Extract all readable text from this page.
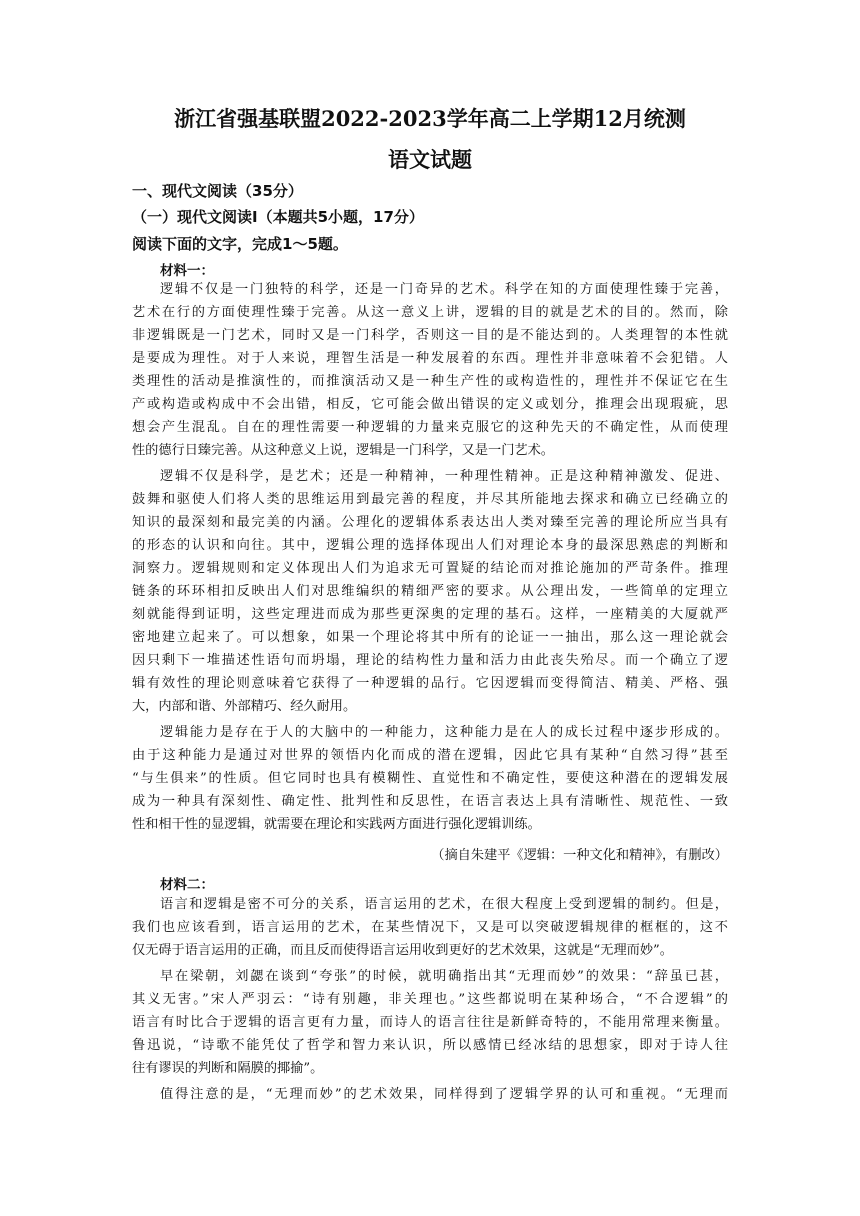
浙江省强基联盟2022-2023学年高二上学期12月统测
语文试题
一、现代文阅读（35分）
（一）现代文阅读Ⅰ（本题共5小题，17分）
阅读下面的文字，完成1～5题。
材料一：
逻辑不仅是一门独特的科学，还是一门奇异的艺术。科学在知的方面使理性臻于完善，
艺术在行的方面使理性臻于完善。从这一意义上讲，逻辑的目的就是艺术的目的。然而，除
非逻辑既是一门艺术，同时又是一门科学，否则这一目的是不能达到的。人类理智的本性就
是要成为理性。对于人来说，理智生活是一种发展着的东西。理性并非意味着不会犯错。人
类理性的活动是推演性的，而推演活动又是一种生产性的或构造性的，理性并不保证它在生
产或构造或构成中不会出错，相反，它可能会做出错误的定义或划分，推理会出现瑕疵，思
想会产生混乱。自在的理性需要一种逻辑的力量来克服它的这种先天的不确定性，从而使理
性的德行日臻完善。从这种意义上说，逻辑是一门科学，又是一门艺术。
逻辑不仅是科学，是艺术；还是一种精神，一种理性精神。正是这种精神激发、促进、
鼓舞和驱使人们将人类的思维运用到最完善的程度，并尽其所能地去探求和确立已经确立的
知识的最深刻和最完美的内涵。公理化的逻辑体系表达出人类对臻至完善的理论所应当具有
的形态的认识和向往。其中，逻辑公理的选择体现出人们对理论本身的最深思熟虑的判断和
洞察力。逻辑规则和定义体现出人们为追求无可置疑的结论而对推论施加的严苛条件。推理
链条的环环相扣反映出人们对思维编织的精细严密的要求。从公理出发，一些简单的定理立
刻就能得到证明，这些定理进而成为那些更深奥的定理的基石。这样，一座精美的大厦就严
密地建立起来了。可以想象，如果一个理论将其中所有的论证一一抽出，那么这一理论就会
因只剩下一堆描述性语句而坍塌，理论的结构性力量和活力由此丧失殆尽。而一个确立了逻
辑有效性的理论则意味着它获得了一种逻辑的品行。它因逻辑而变得简洁、精美、严格、强
大，内部和谐、外部精巧、经久耐用。
逻辑能力是存在于人的大脑中的一种能力，这种能力是在人的成长过程中逐步形成的。
由于这种能力是通过对世界的领悟内化而成的潜在逻辑，因此它具有某种“自然习得”甚至
“与生俱来”的性质。但它同时也具有模糊性、直觉性和不确定性，要使这种潜在的逻辑发展
成为一种具有深刻性、确定性、批判性和反思性，在语言表达上具有清晰性、规范性、一致
性和相干性的显逻辑，就需要在理论和实践两方面进行强化逻辑训练。
（摘自朱建平《逻辑：一种文化和精神》，有删改）
材料二：
语言和逻辑是密不可分的关系，语言运用的艺术，在很大程度上受到逻辑的制约。但是，
我们也应该看到，语言运用的艺术，在某些情况下，又是可以突破逻辑规律的框框的，这不
仅无碍于语言运用的正确，而且反而使得语言运用收到更好的艺术效果，这就是“无理而妙”。
早在梁朝，刘勰在谈到“夸张”的时候，就明确指出其“无理而妙”的效果：“辞虽已甚，
其义无害。”宋人严羽云：“诗有别趣，非关理也。”这些都说明在某种场合，“不合逻辑”的
语言有时比合于逻辑的语言更有力量，而诗人的语言往往是新鲜奇特的，不能用常理来衡量。
鲁迅说，“诗歌不能凭仗了哲学和智力来认识，所以感情已经冰结的思想家，即对于诗人往
往有谬误的判断和隔膜的揶揄”。
值得注意的是，“无理而妙”的艺术效果，同样得到了逻辑学界的认可和重视。“无理而
